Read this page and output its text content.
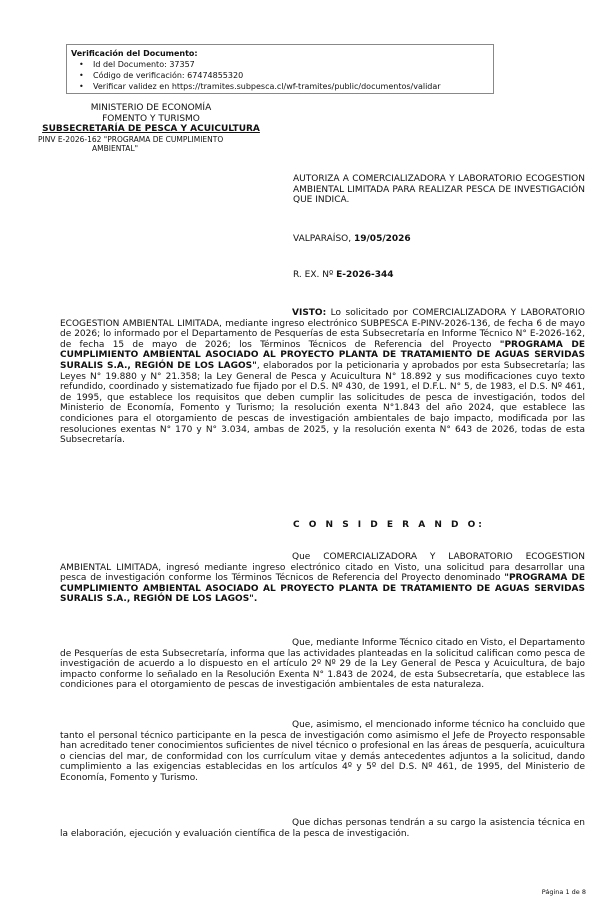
Verificación del Documento:
• Id del Documento: 37357
• Código de verificación: 67474855320
• Verificar validez en https://tramites.subpesca.cl/wf-tramites/public/documentos/validar
MINISTERIO DE ECONOMÍA
FOMENTO Y TURISMO
SUBSECRETARÍA DE PESCA Y ACUICULTURA
PINV E-2026-162 "PROGRAMA DE CUMPLIMIENTO
AMBIENTAL"
AUTORIZA A COMERCIALIZADORA Y LABORATORIO ECOGESTION AMBIENTAL LIMITADA PARA REALIZAR PESCA DE INVESTIGACIÓN QUE INDICA.
VALPARAÍSO, 19/05/2026
R. EX. Nº E-2026-344
VISTO: Lo solicitado por COMERCIALIZADORA Y LABORATORIO ECOGESTION AMBIENTAL LIMITADA, mediante ingreso electrónico SUBPESCA E-PINV-2026-136, de fecha 6 de mayo de 2026; lo informado por el Departamento de Pesquerías de esta Subsecretaría en Informe Técnico N° E-2026-162, de fecha 15 de mayo de 2026; los Términos Técnicos de Referencia del Proyecto "PROGRAMA DE CUMPLIMIENTO AMBIENTAL ASOCIADO AL PROYECTO PLANTA DE TRATAMIENTO DE AGUAS SERVIDAS SURALIS S.A., REGIÓN DE LOS LAGOS", elaborados por la peticionaria y aprobados por esta Subsecretaría; las Leyes N° 19.880 y N° 21.358; la Ley General de Pesca y Acuicultura N° 18.892 y sus modificaciones cuyo texto refundido, coordinado y sistematizado fue fijado por el D.S. Nº 430, de 1991, el D.F.L. N° 5, de 1983, el D.S. Nº 461, de 1995, que establece los requisitos que deben cumplir las solicitudes de pesca de investigación, todos del Ministerio de Economía, Fomento y Turismo; la resolución exenta N°1.843 del año 2024, que establece las condiciones para el otorgamiento de pescas de investigación ambientales de bajo impacto, modificada por las resoluciones exentas N° 170 y N° 3.034, ambas de 2025, y la resolución exenta N° 643 de 2026, todas de esta Subsecretaría.
C O N S I D E R A N D O:
Que COMERCIALIZADORA Y LABORATORIO ECOGESTION AMBIENTAL LIMITADA, ingresó mediante ingreso electrónico citado en Visto, una solicitud para desarrollar una pesca de investigación conforme los Términos Técnicos de Referencia del Proyecto denominado "PROGRAMA DE CUMPLIMIENTO AMBIENTAL ASOCIADO AL PROYECTO PLANTA DE TRATAMIENTO DE AGUAS SERVIDAS SURALIS S.A., REGIÓN DE LOS LAGOS".
Que, mediante Informe Técnico citado en Visto, el Departamento de Pesquerías de esta Subsecretaría, informa que las actividades planteadas en la solicitud califican como pesca de investigación de acuerdo a lo dispuesto en el artículo 2º Nº 29 de la Ley General de Pesca y Acuicultura, de bajo impacto conforme lo señalado en la Resolución Exenta N° 1.843 de 2024, de esta Subsecretaría, que establece las condiciones para el otorgamiento de pescas de investigación ambientales de esta naturaleza.
Que, asimismo, el mencionado informe técnico ha concluido que tanto el personal técnico participante en la pesca de investigación como asimismo el Jefe de Proyecto responsable han acreditado tener conocimientos suficientes de nivel técnico o profesional en las áreas de pesquería, acuicultura o ciencias del mar, de conformidad con los currículum vitae y demás antecedentes adjuntos a la solicitud, dando cumplimiento a las exigencias establecidas en los artículos 4º y 5º del D.S. Nº 461, de 1995, del Ministerio de Economía, Fomento y Turismo.
Que dichas personas tendrán a su cargo la asistencia técnica en la elaboración, ejecución y evaluación científica de la pesca de investigación.
Página 1 de 8
